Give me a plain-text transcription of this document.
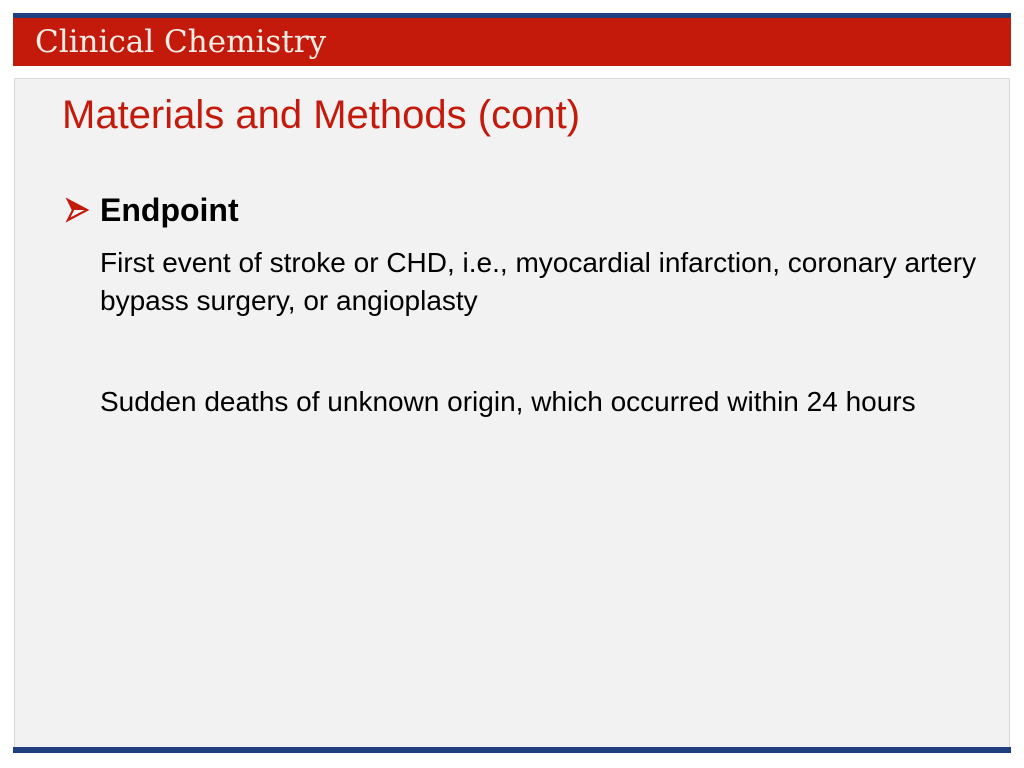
Clinical Chemistry
Materials and Methods (cont)
Endpoint
First event of stroke or CHD, i.e., myocardial infarction, coronary artery bypass surgery, or angioplasty
Sudden deaths of unknown origin, which occurred within 24 hours
